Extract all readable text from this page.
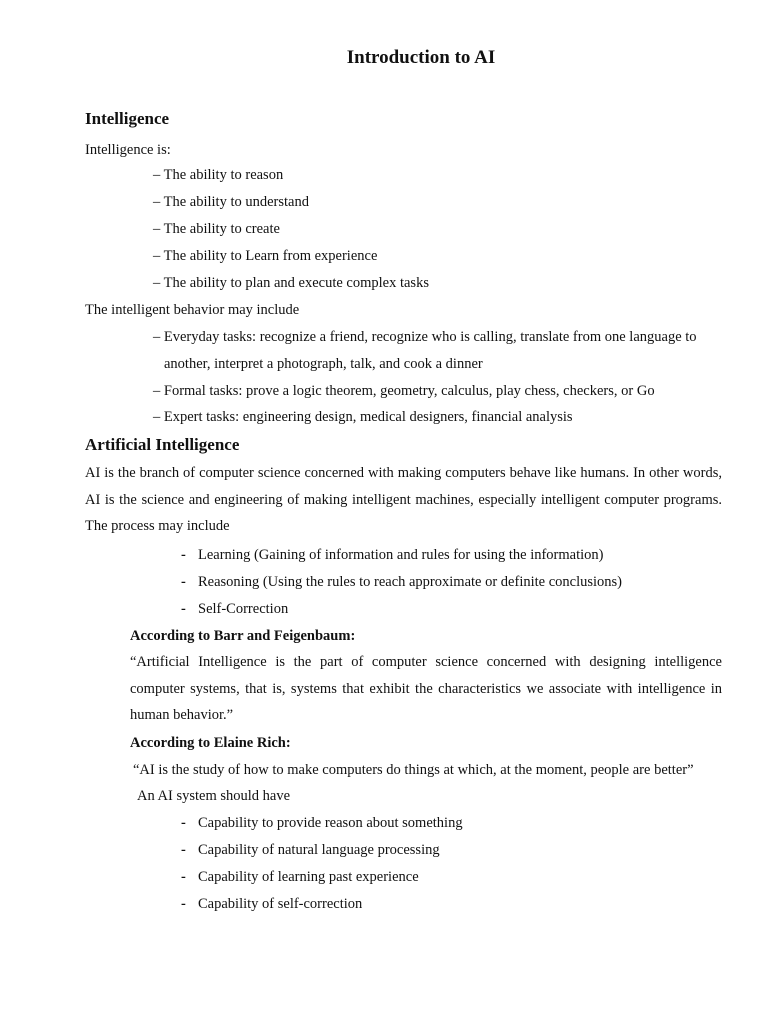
Introduction to AI
Intelligence
Intelligence is:
– The ability to reason
– The ability to understand
– The ability to create
– The ability to Learn from experience
– The ability to plan and execute complex tasks
The intelligent behavior may include
– Everyday tasks: recognize a friend, recognize who is calling, translate from one language to
another, interpret a photograph, talk, and cook a dinner
– Formal tasks: prove a logic theorem, geometry, calculus, play chess, checkers, or Go
– Expert tasks: engineering design, medical designers, financial analysis
Artificial Intelligence

AI is the branch of computer science concerned with making computers behave like humans. In other words, AI is the science and engineering of making intelligent machines, especially intelligent computer programs. The process may include

- Learning (Gaining of information and rules for using the information)
- Reasoning (Using the rules to reach approximate or definite conclusions)
- Self-Correction
According to Barr and Feigenbaum:

“Artificial Intelligence is the part of computer science concerned with designing intelligence computer systems, that is, systems that exhibit the characteristics we associate with intelligence in human behavior.”

According to Elaine Rich:
“AI is the study of how to make computers do things at which, at the moment, people are better”
An AI system should have
- Capability to provide reason about something
- Capability of natural language processing
- Capability of learning past experience
- Capability of self-correction
